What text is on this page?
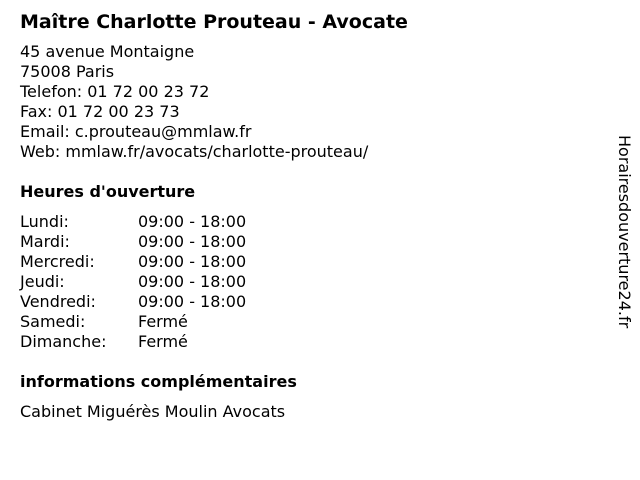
Maître Charlotte Prouteau - Avocate
45 avenue Montaigne
75008 Paris
Telefon: 01 72 00 23 72
Fax: 01 72 00 23 73
Email: c.prouteau@mmlaw.fr
Web: mmlaw.fr/avocats/charlotte-prouteau/
Heures d'ouverture
Lundi:	09:00 - 18:00
Mardi:	09:00 - 18:00
Mercredi:	09:00 - 18:00
Jeudi:	09:00 - 18:00
Vendredi:	09:00 - 18:00
Samedi:	Fermé
Dimanche:	Fermé
informations complémentaires
Cabinet Miguérès Moulin Avocats
Horairesdouverture24.fr
